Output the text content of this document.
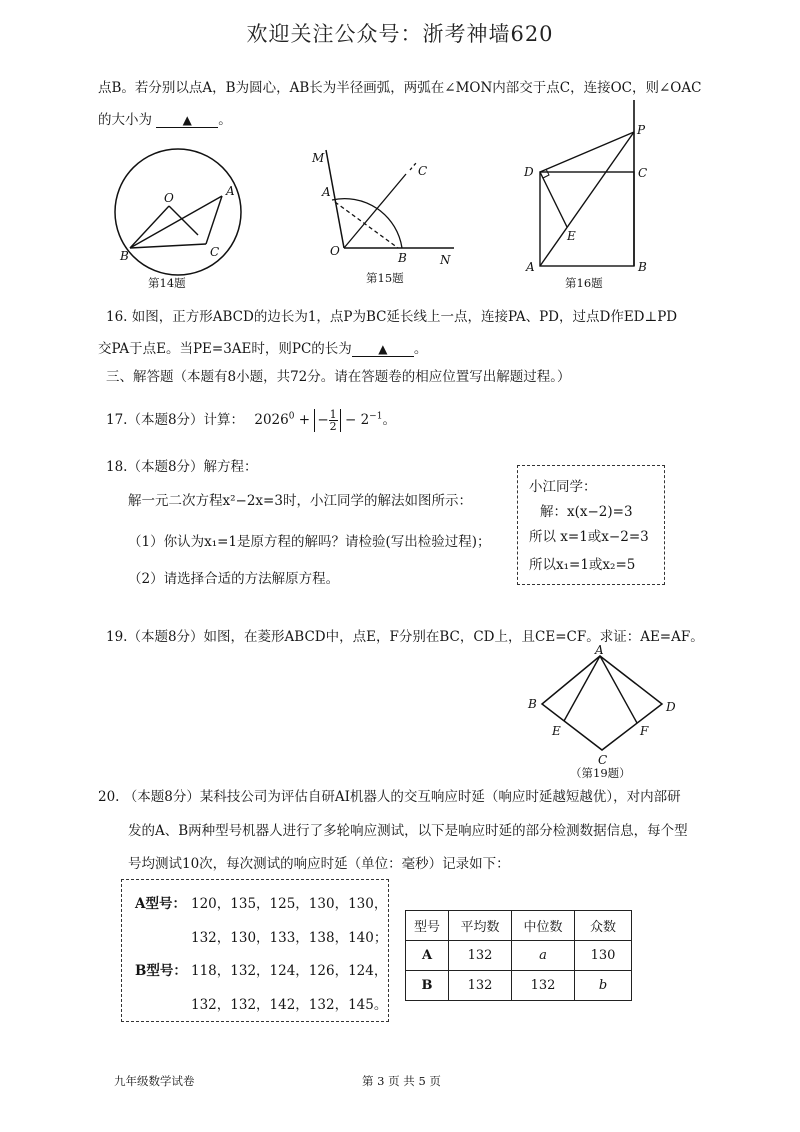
欢迎关注公众号：浙考神墙620
点B。若分别以点A，B为圆心，AB长为半径画弧，两弧在∠MON内部交于点C，连接OC，则∠OAC
的大小为	▲ 。
O	A
B	C
第14题
M
A
C
O	B	N
第15题
P
D	C
E
A	B
第16题
16. 如图，正方形ABCD的边长为1，点P为BC延长线上一点，连接PA、PD，过点D作ED⊥PD
交PA于点E。当PE=3AE时，则PC的长为 ▲ 。
三、解答题（本题有8小题，共72分。请在答题卷的相应位置写出解题过程。）
17.（本题8分）计算： $2026^0$ + − $\frac{1}{2} - 2^{-1}$。
18.（本题8分）解方程：
解一元二次方程x²−2x=3时，小江同学的解法如图所示：
（1）你认为x₁=1是原方程的解吗？请检验(写出检验过程)；
（2）请选择合适的方法解原方程。
小江同学：
解：x(x−2)=3
所以 x=1或x−2=3
所以x₁=1或x₂=5
19.（本题8分）如图，在菱形ABCD中，点E，F分别在BC，CD上，且CE=CF。求证：AE=AF。
A
B	D
E	F
C
（第19题）
20. （本题8分）某科技公司为评估自研AI机器人的交互响应时延（响应时延越短越优），对内部研
发的A、B两种型号机器人进行了多轮响应测试，以下是响应时延的部分检测数据信息，每个型
号均测试10次，每次测试的响应时延（单位：毫秒）记录如下：
A型号： 120，135，125，130，130，
132，130，133，138，140；
B型号： 118，132，124，126，124，
132，132，142，132，145。
型号	平均数	中位数	众数
A	132	a	130
B	132	132	b
九年级数学试卷	第 3 页 共 5 页
